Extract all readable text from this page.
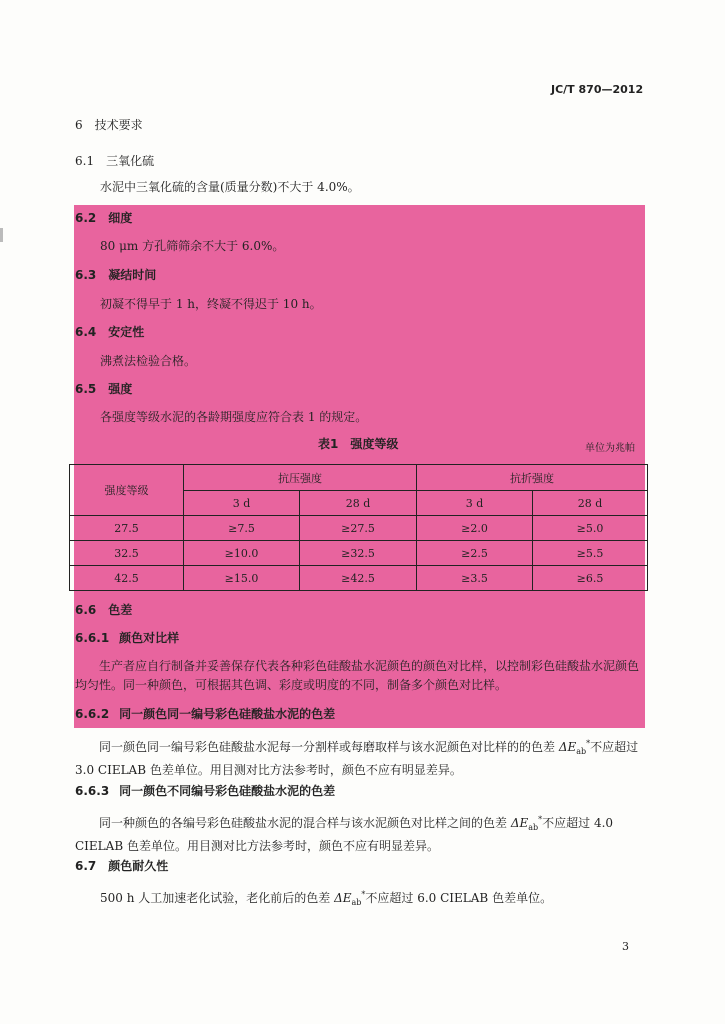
JC/T 870—2012
6 技术要求
6.1 三氧化硫
水泥中三氧化硫的含量(质量分数)不大于 4.0%。
6.2 细度
80 μm 方孔筛筛余不大于 6.0%。
6.3 凝结时间
初凝不得早于 1 h，终凝不得迟于 10 h。
6.4 安定性
沸煮法检验合格。
6.5 强度
各强度等级水泥的各龄期强度应符合表 1 的规定。
表1　强度等级	单位为兆帕
强度等级	抗压强度		抗折强度	
	3 d	28 d	3 d	28 d
27.5	≥7.5	≥27.5	≥2.0	≥5.0
32.5	≥10.0	≥32.5	≥2.5	≥5.5
42.5	≥15.0	≥42.5	≥3.5	≥6.5
6.6 色差
6.6.1 颜色对比样
生产者应自行制备并妥善保存代表各种彩色硅酸盐水泥颜色的颜色对比样，以控制彩色硅酸盐水泥颜色均匀性。同一种颜色，可根据其色调、彩度或明度的不同，制备多个颜色对比样。
6.6.2 同一颜色同一编号彩色硅酸盐水泥的色差
同一颜色同一编号彩色硅酸盐水泥每一分割样或每磨取样与该水泥颜色对比样的的色差 $\Delta E_{ab}^*$不应超过 3.0 CIELAB 色差单位。用目测对比方法参考时，颜色不应有明显差异。
6.6.3 同一颜色不同编号彩色硅酸盐水泥的色差
同一种颜色的各编号彩色硅酸盐水泥的混合样与该水泥颜色对比样之间的色差 $\Delta E_{ab}^*$不应超过 4.0 CIELAB 色差单位。用目测对比方法参考时，颜色不应有明显差异。
6.7 颜色耐久性
500 h 人工加速老化试验，老化前后的色差 $\Delta E_{ab}^*$不应超过 6.0 CIELAB 色差单位。
3
